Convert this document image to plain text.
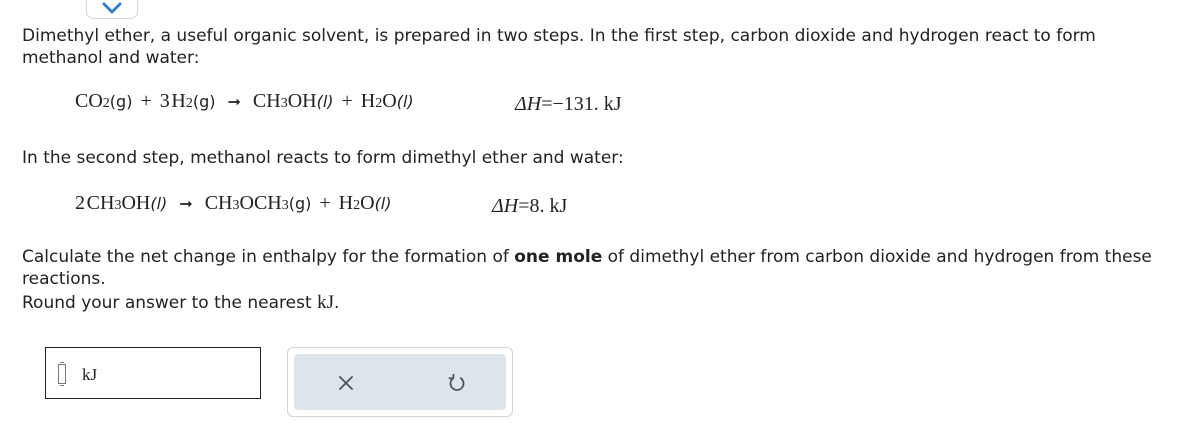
Dimethyl ether, a useful organic solvent, is prepared in two steps. In the first step, carbon dioxide and hydrogen react to form methanol and water:

CO 2 (g) + 3
  H 2 (g) ➞ CH 3 OH (l) + H 2 O (l)	ΔH=−131. kJ

In the second step, methanol reacts to form dimethyl ether and water:

2
  CH 3 OH (l) ➞ CH 3 OCH 3 (g) + H 2 O (l)	ΔH=8. kJ

Calculate the net change in enthalpy for the formation of one mole of dimethyl ether from carbon dioxide and hydrogen from these reactions.

Round your answer to the nearest kJ.

kJ
